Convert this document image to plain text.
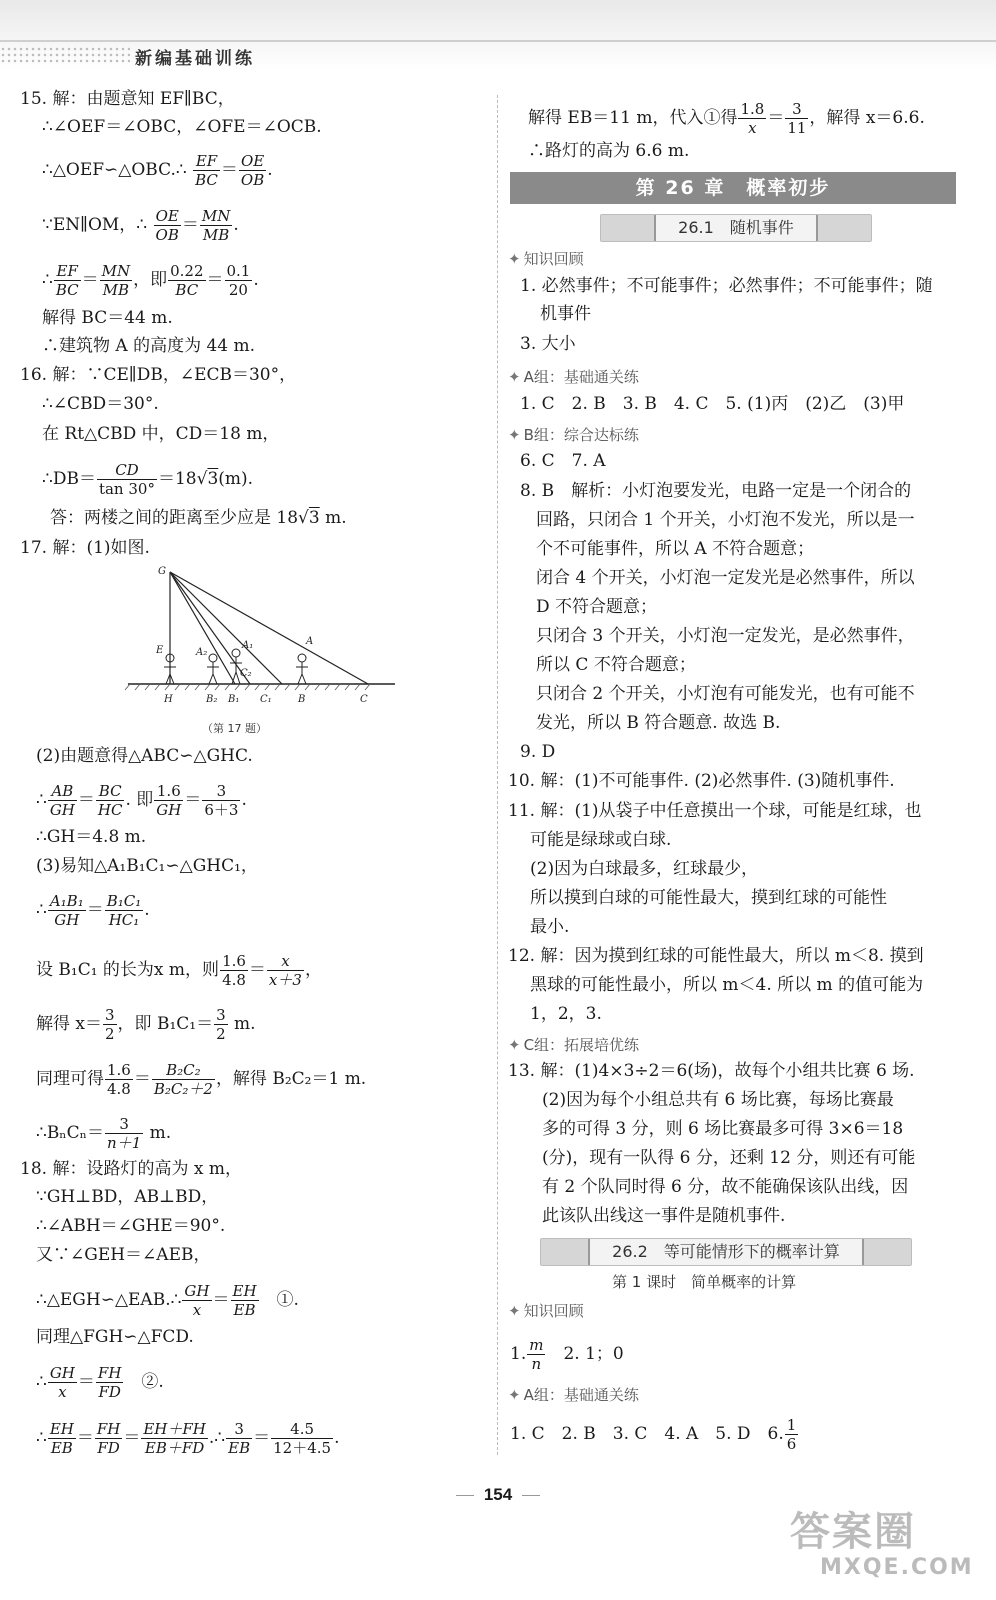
新编基础训练
15. 解：由题意知 EF∥BC，
∴∠OEF＝∠OBC，∠OFE＝∠OCB.
∴△OEF∽△OBC.∴ $\frac{EF}{BC} = \frac{OE}{OB}$ .
∵EN∥OM，∴ $\frac{OE}{OB} = \frac{MN}{MB}$ .
∴ $\frac{EF}{BC} = \frac{MN}{MB}$ ，即 $\frac{0.22}{BC} = \frac{0.1}{20}$ .
解得 BC＝44 m.
∴建筑物 A 的高度为 44 m.
16. 解：∵CE∥DB，∠ECB＝30°，
∴∠CBD＝30°.
在 Rt△CBD 中，CD＝18 m，
∴DB＝ $\frac{CD}{\tan 30^\circ} =18√3(m)$.
答：两楼之间的距离至少应是 18√3 m.
17. 解：(1)如图.
G
E	A₂
A₁	A
C₂
H	B₂ B₁ C₁	B	C
（第 17 题）
(2)由题意得△ABC∽△GHC.
∴ $\frac{AB}{GH} = \frac{BC}{HC}$ . 即 $\frac{1.6}{GH} = \frac{3}{6+3}$ .
∴GH＝4.8 m.
(3)易知△A₁B₁C₁∽△GHC₁，
∴ $\frac{\text{A₁B₁}}{GH} = \frac{\text{B₁C₁}}{\text{HC₁}}$ .
设 B₁C₁ 的长为x m，则 $\frac{1.6}{4.8} = \frac{x}{x+3}$ ，
解得 $x= \frac{3}{2}$ ，即 $B_1C_1= \frac{3}{2} m$.
同理可得 $\frac{1.6}{4.8} = \frac{\text{B₂C₂}}{\text{B₂C₂＋2}}$ ，解得 B₂C₂＝1 m.
∴BₙCₙ＝ $\frac{3}{n+1} m$.
18. 解：设路灯的高为 x m，
∵GH⊥BD，AB⊥BD，
∴∠ABH＝∠GHE＝90°.
又∵∠GEH＝∠AEB，
∴△EGH∽△EAB.∴ $\frac{GH}{x} = \frac{EH}{EB}$
　 ①.
同理△FGH∽△FCD.
∴ $\frac{GH}{x} = \frac{FH}{FD}$
　 ②.
∴ $\frac{EH}{EB} = \frac{FH}{FD} = \frac{EH+FH}{EB+FD}$ .∴ $\frac{3}{EB} = \frac{4.5}{12+4.5}$ .
解得 EB＝11 m，代入①得 $\frac{1.8}{x} = \frac{3}{11}$ ，解得 x＝6.6.
∴路灯的高为 6.6 m.
第 26 章　概率初步
26.1　随机事件
✦ 知识回顾
1. 必然事件；不可能事件；必然事件；不可能事件；随
机事件
3. 大小
✦ A组：基础通关练
1. C　2. B　3. B　4. C　5. (1)丙　(2)乙　(3)甲
✦ B组：综合达标练
6. C　7. A
8. B　解析：小灯泡要发光，电路一定是一个闭合的
回路，只闭合 1 个开关，小灯泡不发光，所以是一
个不可能事件，所以 A 不符合题意；
闭合 4 个开关，小灯泡一定发光是必然事件，所以
D 不符合题意；
只闭合 3 个开关，小灯泡一定发光，是必然事件，
所以 C 不符合题意；
只闭合 2 个开关，小灯泡有可能发光，也有可能不
发光，所以 B 符合题意. 故选 B.
9. D
10. 解：(1)不可能事件. (2)必然事件. (3)随机事件.
11. 解：(1)从袋子中任意摸出一个球，可能是红球，也
可能是绿球或白球.
(2)因为白球最多，红球最少，
所以摸到白球的可能性最大，摸到红球的可能性
最小.
12. 解：因为摸到红球的可能性最大，所以 m＜8. 摸到
黑球的可能性最小，所以 m＜4. 所以 m 的值可能为
1，2，3.
✦ C组：拓展培优练
13. 解：(1)4×3÷2＝6(场)，故每个小组共比赛 6 场.
(2)因为每个小组总共有 6 场比赛，每场比赛最
多的可得 3 分，则 6 场比赛最多可得 3×6＝18
(分)，现有一队得 6 分，还剩 12 分，则还有可能
有 2 个队同时得 6 分，故不能确保该队出线，因
此该队出线这一事件是随机事件.
26.2　等可能情形下的概率计算
第 1 课时　简单概率的计算
✦ 知识回顾
1. $\frac{m}{n}$ 　2. 1；0
✦ A组：基础通关练
1. C　2. B　3. C　4. A　5. D　6. $\frac{1}{6}$
154
答案圈
MXQE.COM
